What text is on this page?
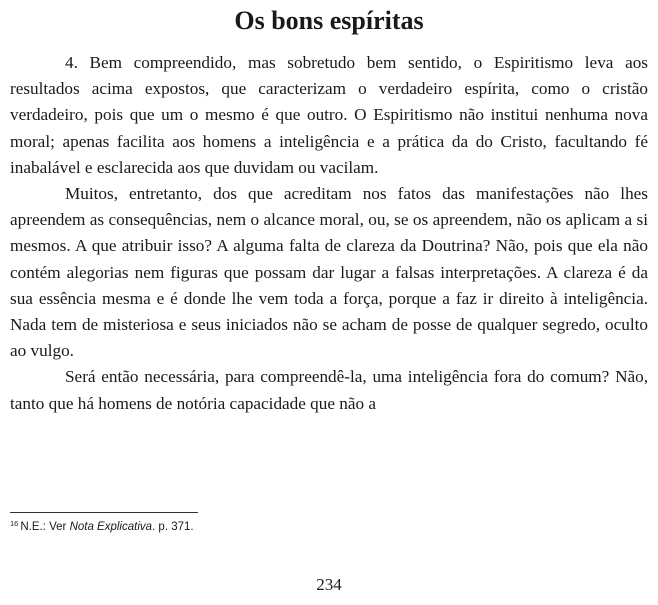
Os bons espíritas

4. Bem compreendido, mas sobretudo bem sentido, o Espiritismo leva aos resultados acima expostos, que caracterizam o verdadeiro espírita, como o cristão verdadeiro, pois que um o mesmo é que outro. O Espiritismo não institui nenhuma nova moral; apenas facilita aos homens a inteligência e a prática da do Cristo, facultando fé inabalável e esclarecida aos que duvidam ou vacilam.

Muitos, entretanto, dos que acreditam nos fatos das manifestações não lhes apreendem as consequências, nem o alcance moral, ou, se os apreendem, não os aplicam a si mesmos. A que atribuir isso? A alguma falta de clareza da Doutrina? Não, pois que ela não contém alegorias nem figuras que possam dar lugar a falsas interpretações. A clareza é da sua essência mesma e é donde lhe vem toda a força, porque a faz ir direito à inteligência. Nada tem de misteriosa e seus iniciados não se acham de posse de qualquer segredo, oculto ao vulgo.

Será então necessária, para compreendê-la, uma inteligência fora do comum? Não, tanto que há homens de notória capacidade que não a

$^{16}$ N.E.: Ver Nota Explicativa. p. 371.
234
